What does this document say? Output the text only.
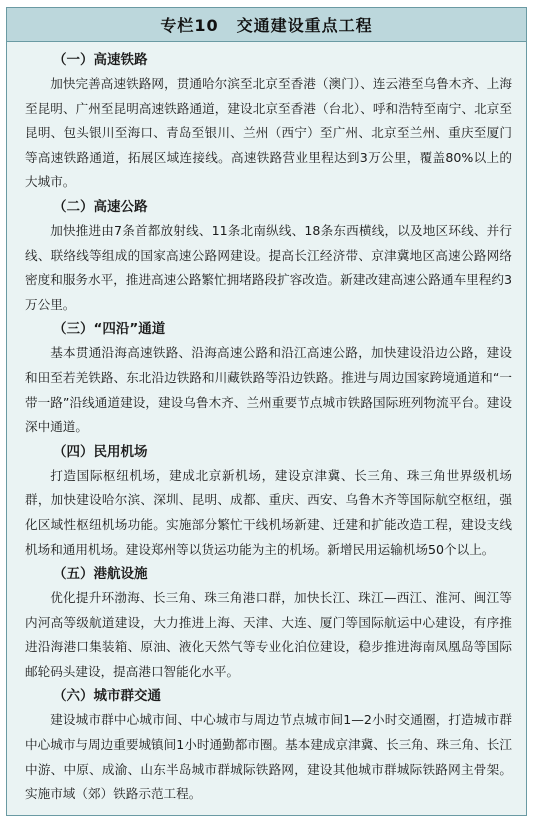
专栏10 交通建设重点工程
（一）高速铁路

加快完善高速铁路网，贯通哈尔滨至北京至香港（澳门）、连云港至乌鲁木齐、上海至昆明、广州至昆明高速铁路通道，建设北京至香港（台北）、呼和浩特至南宁、北京至昆明、包头银川至海口、青岛至银川、兰州（西宁）至广州、北京至兰州、重庆至厦门等高速铁路通道，拓展区域连接线。高速铁路营业里程达到3万公里，覆盖80%以上的大城市。

（二）高速公路

加快推进由7条首都放射线、11条北南纵线、18条东西横线，以及地区环线、并行线、联络线等组成的国家高速公路网建设。提高长江经济带、京津冀地区高速公路网络密度和服务水平，推进高速公路繁忙拥堵路段扩容改造。新建改建高速公路通车里程约3万公里。

（三）“四沿”通道

基本贯通沿海高速铁路、沿海高速公路和沿江高速公路，加快建设沿边公路，建设和田至若羌铁路、东北沿边铁路和川藏铁路等沿边铁路。推进与周边国家跨境通道和“一带一路”沿线通道建设，建设乌鲁木齐、兰州重要节点城市铁路国际班列物流平台。建设深中通道。

（四）民用机场

打造国际枢纽机场，建成北京新机场，建设京津冀、长三角、珠三角世界级机场群，加快建设哈尔滨、深圳、昆明、成都、重庆、西安、乌鲁木齐等国际航空枢纽，强化区域性枢纽机场功能。实施部分繁忙干线机场新建、迁建和扩能改造工程，建设支线机场和通用机场。建设郑州等以货运功能为主的机场。新增民用运输机场50个以上。

（五）港航设施

优化提升环渤海、长三角、珠三角港口群，加快长江、珠江—西江、淮河、闽江等内河高等级航道建设，大力推进上海、天津、大连、厦门等国际航运中心建设，有序推进沿海港口集装箱、原油、液化天然气等专业化泊位建设，稳步推进海南凤凰岛等国际邮轮码头建设，提高港口智能化水平。

（六）城市群交通

建设城市群中心城市间、中心城市与周边节点城市间1—2小时交通圈，打造城市群中心城市与周边重要城镇间1小时通勤都市圈。基本建成京津冀、长三角、珠三角、长江中游、中原、成渝、山东半岛城市群城际铁路网，建设其他城市群城际铁路网主骨架。实施市域（郊）铁路示范工程。
